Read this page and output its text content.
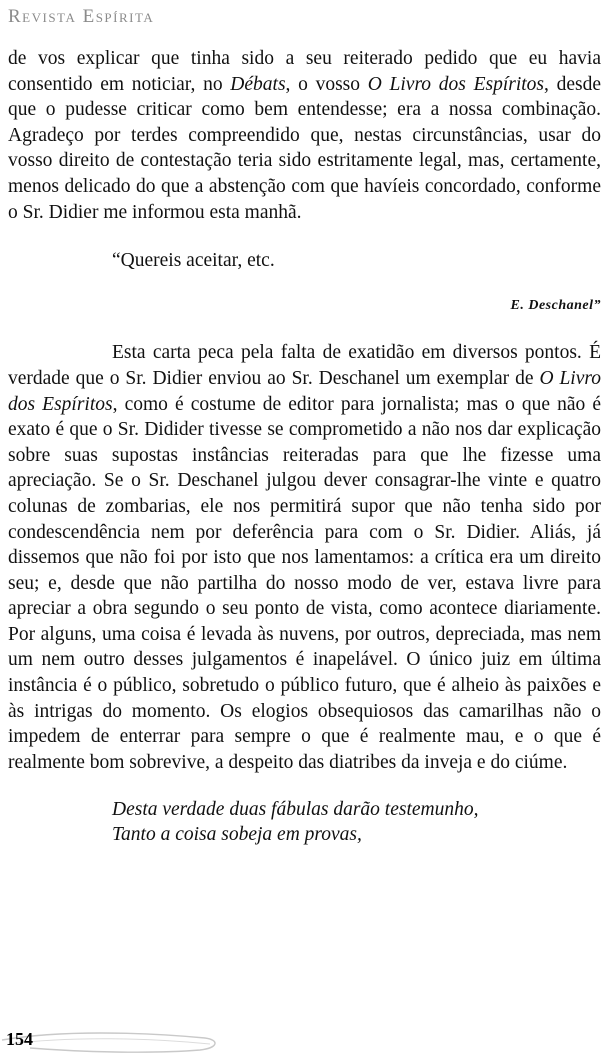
Revista Espírita

de vos explicar que tinha sido a seu reiterado pedido que eu havia consentido em noticiar, no Débats, o vosso O Livro dos Espíritos, desde que o pudesse criticar como bem entendesse; era a nossa combinação. Agradeço por terdes compreendido que, nestas circunstâncias, usar do vosso direito de contestação teria sido estritamente legal, mas, certamente, menos delicado do que a abstenção com que havíeis concordado, conforme o Sr. Didier me informou esta manhã.

“Quereis aceitar, etc.

E. Deschanel”

Esta carta peca pela falta de exatidão em diversos pontos. É verdade que o Sr. Didier enviou ao Sr. Deschanel um exemplar de O Livro dos Espíritos, como é costume de editor para jornalista; mas o que não é exato é que o Sr. Didider tivesse se comprometido a não nos dar explicação sobre suas supostas instâncias reiteradas para que lhe fizesse uma apreciação. Se o Sr. Deschanel julgou dever consagrar-lhe vinte e quatro colunas de zombarias, ele nos permitirá supor que não tenha sido por condescendência nem por deferência para com o Sr. Didier. Aliás, já dissemos que não foi por isto que nos lamentamos: a crítica era um direito seu; e, desde que não partilha do nosso modo de ver, estava livre para apreciar a obra segundo o seu ponto de vista, como acontece diariamente. Por alguns, uma coisa é levada às nuvens, por outros, depreciada, mas nem um nem outro desses julgamentos é inapelável. O único juiz em última instância é o público, sobretudo o público futuro, que é alheio às paixões e às intrigas do momento. Os elogios obsequiosos das camarilhas não o impedem de enterrar para sempre o que é realmente mau, e o que é realmente bom sobrevive, a despeito das diatribes da inveja e do ciúme.

Desta verdade duas fábulas darão testemunho,
Tanto a coisa sobeja em provas,
154
